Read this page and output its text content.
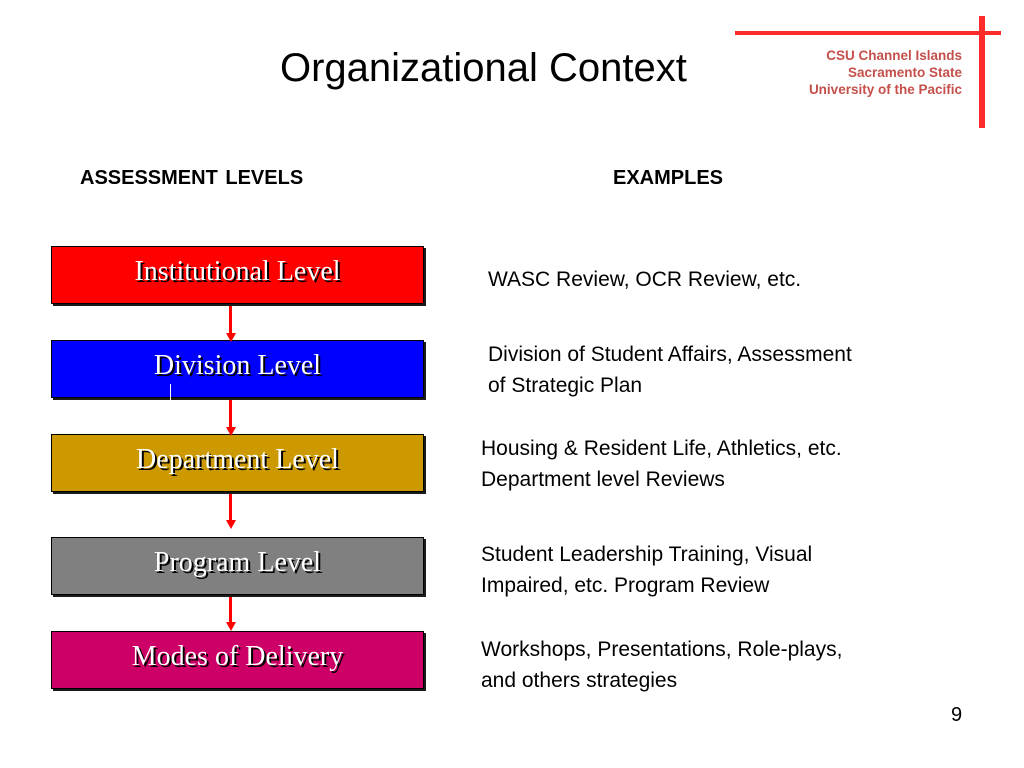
Organizational Context	CSU Channel Islands
Sacramento State
University of the Pacific
ASSESSMENT LEVELS	EXAMPLES
Institutional Level
Division Level
Department Level
Program Level
Modes of Delivery
WASC Review, OCR Review, etc.
Division of Student Affairs, Assessment
of Strategic Plan
Housing & Resident Life, Athletics, etc.
Department level Reviews
Student Leadership Training, Visual
Impaired, etc. Program Review
Workshops, Presentations, Role-plays,
and others strategies
9
